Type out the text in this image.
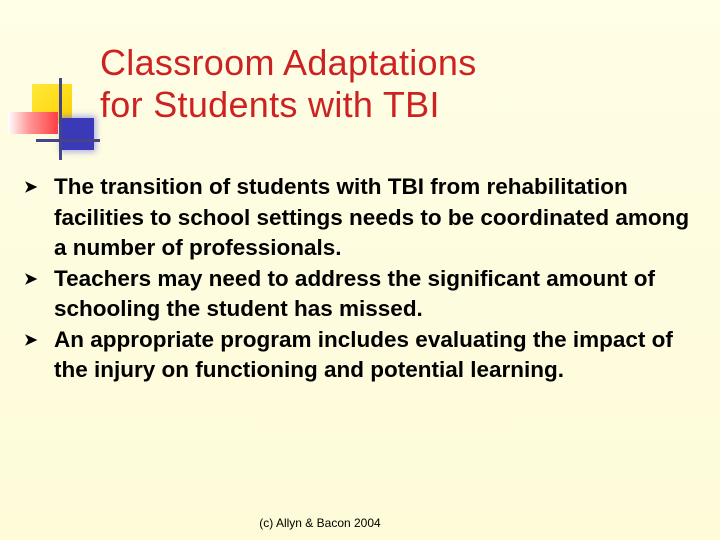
Classroom Adaptations
for Students with TBI
➤ The transition of students with TBI from rehabilitation facilities to school settings needs to be coordinated among a number of professionals.
➤ Teachers may need to address the significant amount of schooling the student has missed.
➤ An appropriate program includes evaluating the impact of the injury on functioning and potential learning.
(c) Allyn & Bacon 2004
